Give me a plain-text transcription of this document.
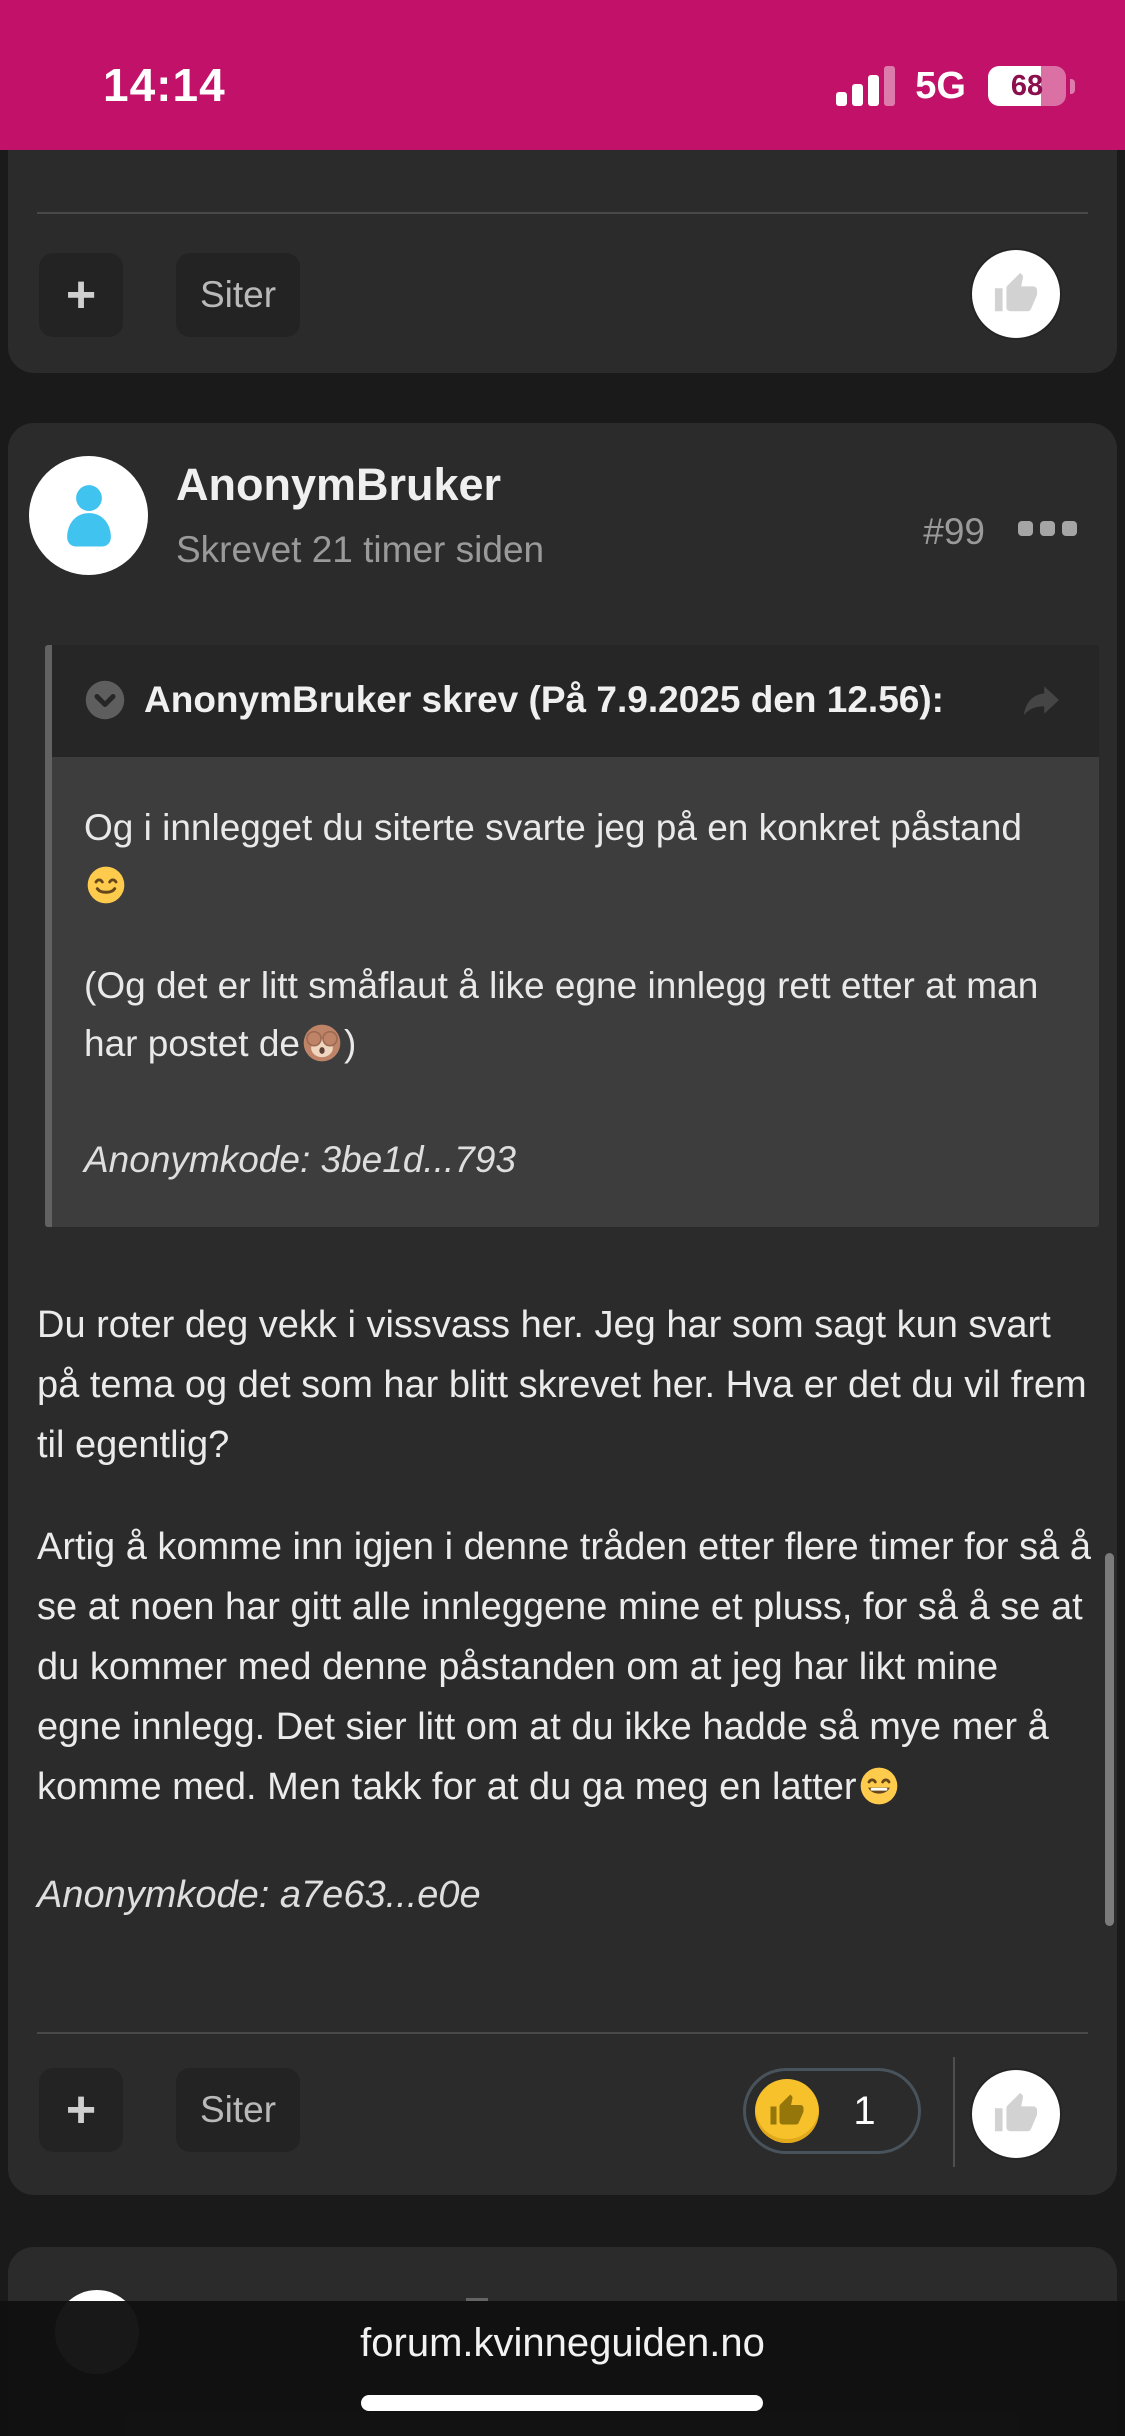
14:14	5G	68
+	Siter
AnonymBruker
Skrevet 21 timer siden	#99
AnonymBruker skrev (På 7.9.2025 den 12.56):

Og i innlegget du siterte svarte jeg på en konkret påstand

(Og det er litt småflaut å like egne innlegg rett etter at man har postet de )

Anonymkode: 3be1d...793

Du roter deg vekk i vissvass her. Jeg har som sagt kun svart på tema og det som har blitt skrevet her. Hva er det du vil frem til egentlig?

Artig å komme inn igjen i denne tråden etter flere timer for så å se at noen har gitt alle innleggene mine et pluss, for så å se at du kommer med denne påstanden om at jeg har likt mine egne innlegg. Det sier litt om at du ikke hadde så mye mer å komme med. Men takk for at du ga meg en latter

Anonymkode: a7e63...e0e

+	Siter	1
forum.kvinneguiden.no
